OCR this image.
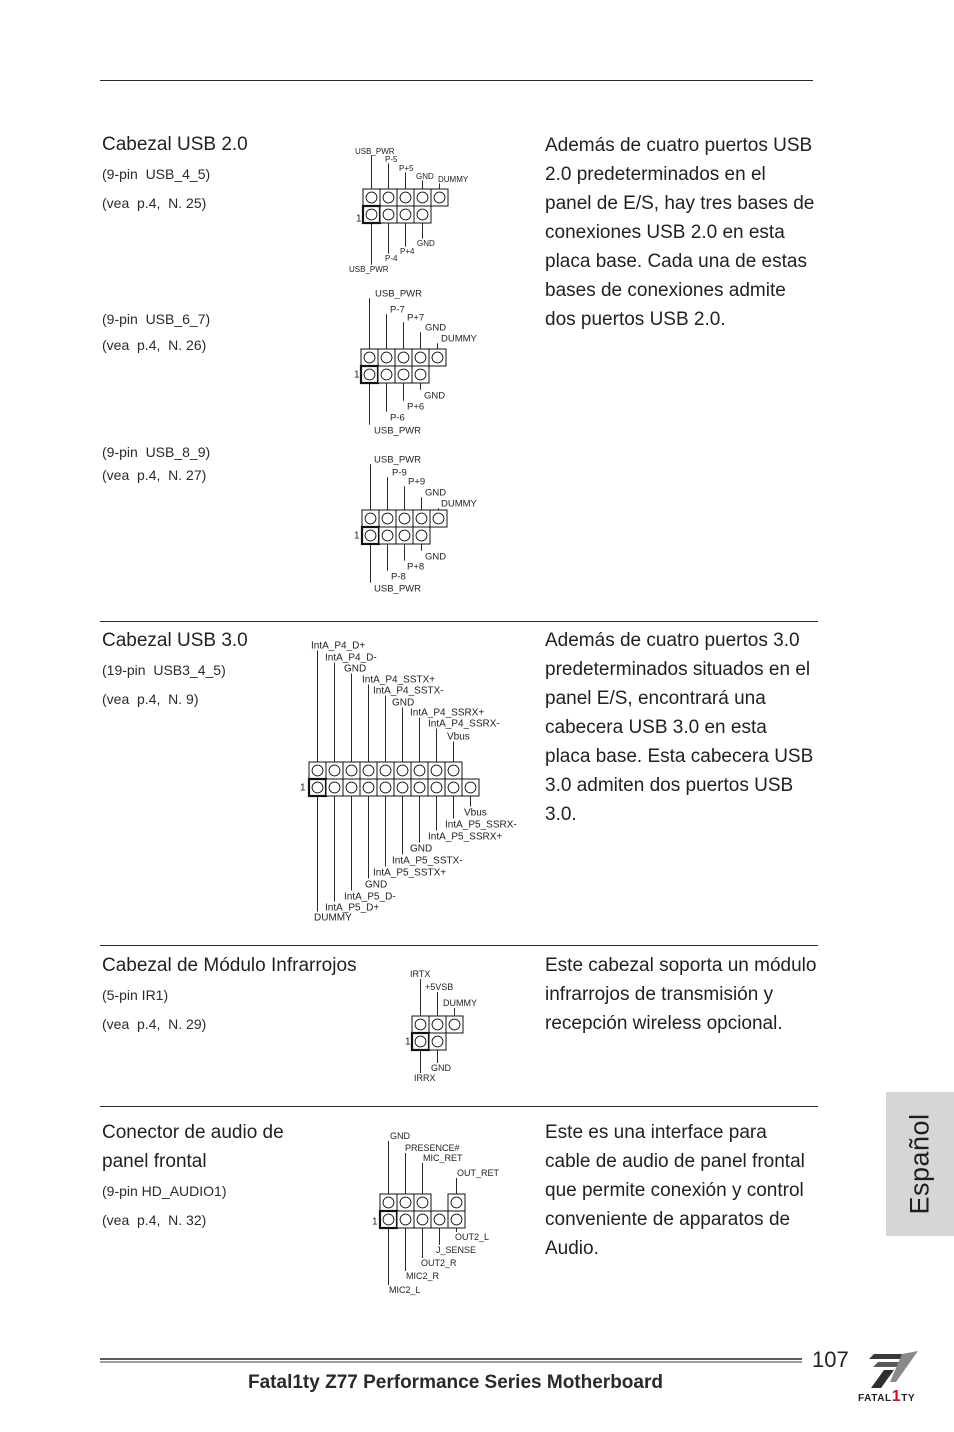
Cabezal USB 2.0
(9-pin  USB_4_5)
(vea  p.4,  N. 25)
(9-pin  USB_6_7)
(vea  p.4,  N. 26)
(9-pin  USB_8_9)
(vea  p.4,  N. 27)
Además de cuatro puertos USB
2.0 predeterminados en el
panel de E/S, hay tres bases de
conexiones USB 2.0 en esta
placa base. Cada una de estas
bases de conexiones admite
dos puertos USB 2.0.
Cabezal USB 3.0
(19-pin  USB3_4_5)
(vea  p.4,  N. 9)
Además de cuatro puertos 3.0
predeterminados situados en el
panel E/S, encontrará una
cabecera USB 3.0 en esta
placa base. Esta cabecera USB
3.0 admiten dos puertos USB
3.0.
Cabezal de Módulo Infrarrojos
(5-pin IR1)
(vea  p.4,  N. 29)
Este cabezal soporta un módulo
infrarrojos de transmisión y
recepción wireless opcional.
Conector de audio de
panel frontal
(9-pin HD_AUDIO1)
(vea  p.4,  N. 32)
Este es una interface para
cable de audio de panel frontal
que permite conexión y control
conveniente de apparatos de
Audio.
USB_PWR
P-5
P+5
GND DUMMY
USB_PWR
P-4
P+4
GND
1
USB_PWR
P-7
P+7
GND
DUMMY
USB_PWR
P-6
P+6
GND
1
USB_PWR
P-9
P+9
GND
DUMMY
USB_PWR
P-8
P+8
GND
1
IntA_P4_D+
IntA_P4_D-
GND
IntA_P4_SSTX+
IntA_P4_SSTX-
GND
IntA_P4_SSRX+
IntA_P4_SSRX-
Vbus
DUMMY
IntA_P5_D+
IntA_P5_D-
GND
IntA_P5_SSTX+
IntA_P5_SSTX-
GND
IntA_P5_SSRX+
IntA_P5_SSRX-
Vbus
1
IRTX
+5VSB
DUMMY
IRRX
GND
1
GND
PRESENCE#
MIC_RET
OUT_RET
MIC2_L
MIC2_R
OUT2_R
J_SENSE
OUT2_L
1
Español
107
Fatal1ty Z77 Performance Series Motherboard
FATAL1TY
